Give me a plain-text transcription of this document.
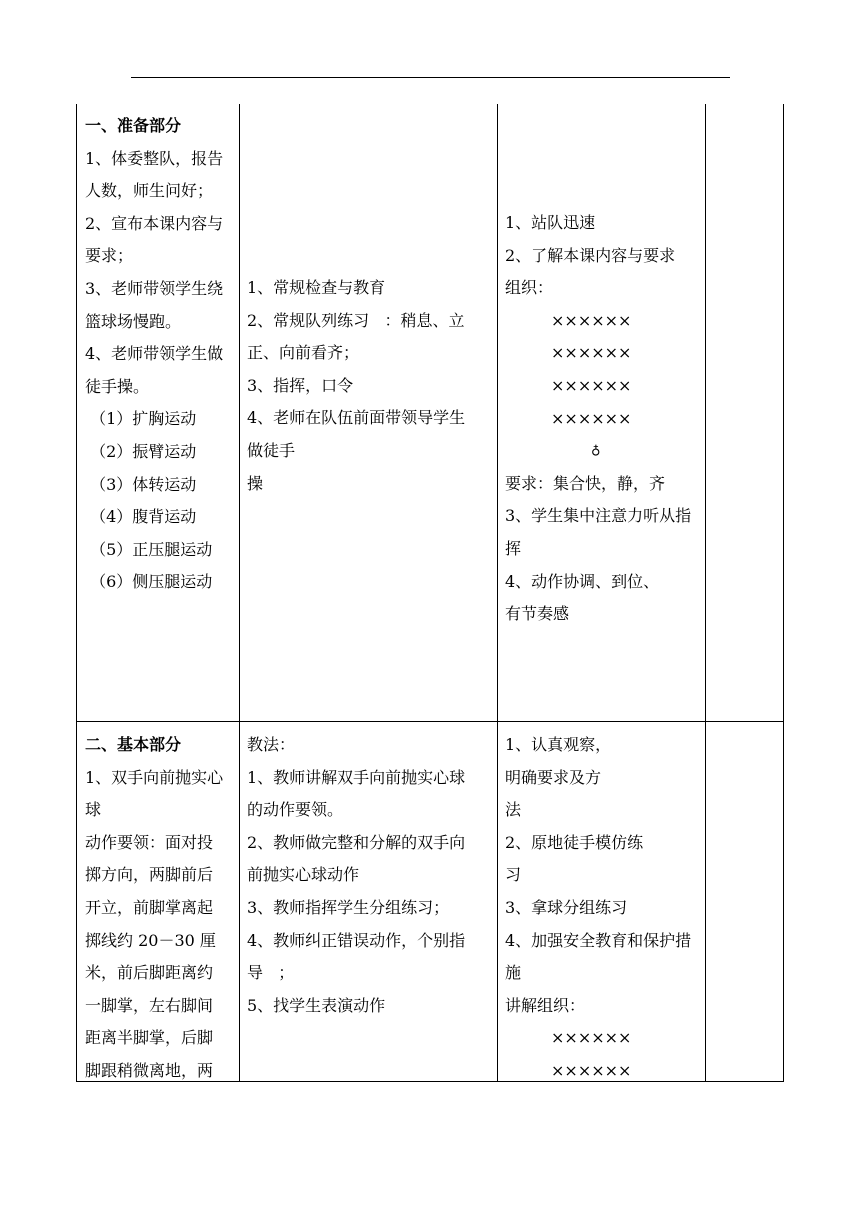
一、准备部分
1、体委整队，报告
人数，师生问好；
2、宣布本课内容与
要求；
3、老师带领学生绕
篮球场慢跑。
4、老师带领学生做
徒手操。
（1）扩胸运动
（2）振臂运动
（3）体转运动
（4）腹背运动
（5）正压腿运动
（6）侧压腿运动
1、常规检查与教育
2、常规队列练习   ：稍息、立
正、向前看齐；
3、指挥，口令
4、老师在队伍前面带领导学生
做徒手
操
1、站队迅速
2、了解本课内容与要求
组织：
××××××
××××××
××××××
××××××
♁
要求：集合快，静，齐
3、学生集中注意力听从指
挥
4、动作协调、到位、
有节奏感
二、基本部分
1、双手向前抛实心
球
动作要领：面对投
掷方向，两脚前后
开立，前脚掌离起
掷线约 20－30 厘
米，前后脚距离约
一脚掌，左右脚间
距离半脚掌，后脚
脚跟稍微离地，两
教法：
1、教师讲解双手向前抛实心球
的动作要领。
2、教师做完整和分解的双手向
前抛实心球动作
3、教师指挥学生分组练习；
4、教师纠正错误动作，个别指
导   ；
5、找学生表演动作
1、认真观察，
明确要求及方
法
2、原地徒手模仿练
习
3、拿球分组练习
4、加强安全教育和保护措
施
讲解组织：
××××××
××××××
